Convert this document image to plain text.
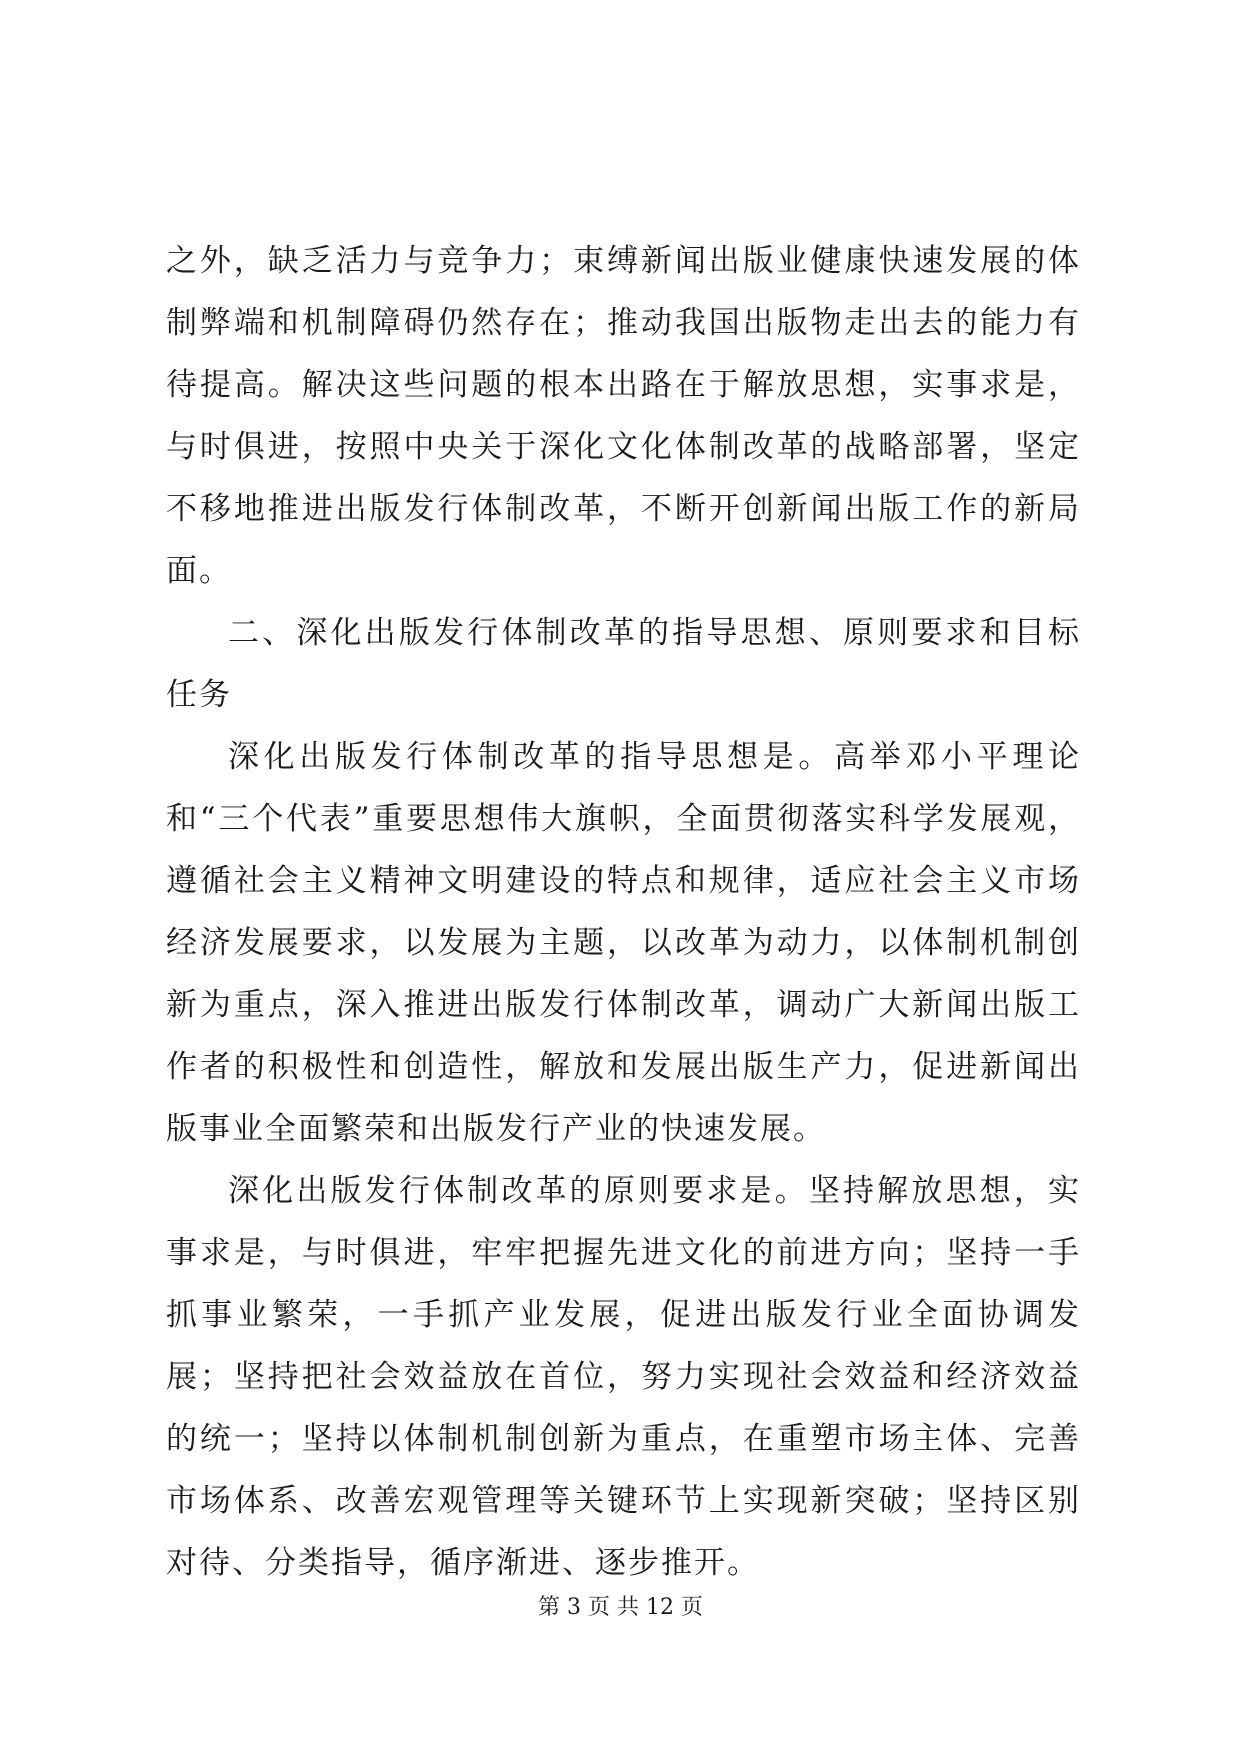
之外，缺乏活力与竞争力；束缚新闻出版业健康快速发展的体制弊端和机制障碍仍然存在；推动我国出版物走出去的能力有待提高。解决这些问题的根本出路在于解放思想，实事求是，与时俱进，按照中央关于深化文化体制改革的战略部署，坚定不移地推进出版发行体制改革，不断开创新闻出版工作的新局面。

二、深化出版发行体制改革的指导思想、原则要求和目标任务

深化出版发行体制改革的指导思想是。高举邓小平理论和“三个代表”重要思想伟大旗帜，全面贯彻落实科学发展观，遵循社会主义精神文明建设的特点和规律，适应社会主义市场经济发展要求，以发展为主题，以改革为动力，以体制机制创新为重点，深入推进出版发行体制改革，调动广大新闻出版工作者的积极性和创造性，解放和发展出版生产力，促进新闻出版事业全面繁荣和出版发行产业的快速发展。

深化出版发行体制改革的原则要求是。坚持解放思想，实事求是，与时俱进，牢牢把握先进文化的前进方向；坚持一手抓事业繁荣，一手抓产业发展，促进出版发行业全面协调发展；坚持把社会效益放在首位，努力实现社会效益和经济效益的统一；坚持以体制机制创新为重点，在重塑市场主体、完善市场体系、改善宏观管理等关键环节上实现新突破；坚持区别对待、分类指导，循序渐进、逐步推开。

第 3 页 共 12 页
